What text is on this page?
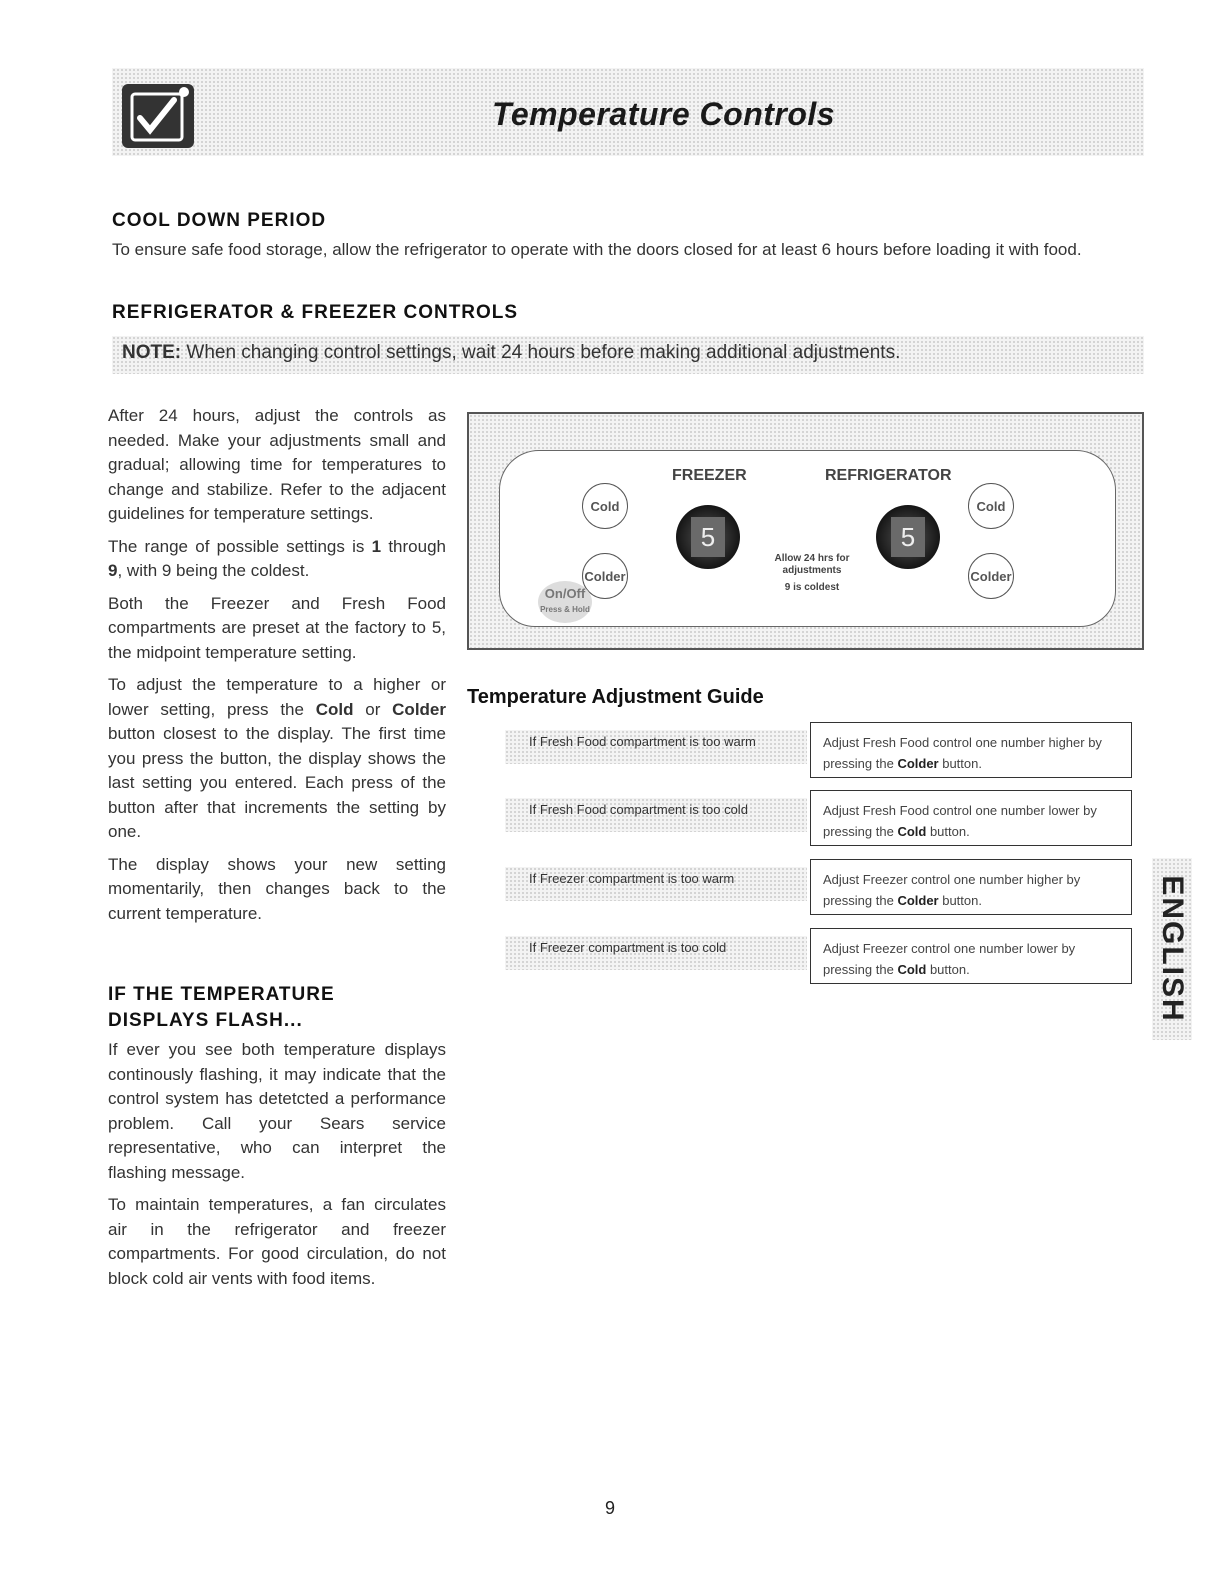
Temperature Controls
COOL DOWN PERIOD

To ensure safe food storage, allow the refrigerator to operate with the doors closed for at least 6 hours before loading it with food.

REFRIGERATOR & FREEZER CONTROLS
NOTE: When changing control settings, wait 24 hours before making additional adjustments.

After 24 hours, adjust the controls as needed. Make your adjustments small and gradual; allowing time for temperatures to change and stabilize. Refer to the adjacent guidelines for temperature settings.

The range of possible settings is 1 through 9, with 9 being the coldest.

Both the Freezer and Fresh Food compartments are preset at the factory to 5, the midpoint temperature setting.

To adjust the temperature to a higher or lower setting, press the Cold or Colder button closest to the display. The first time you press the button, the display shows the last setting you entered. Each press of the button after that increments the setting by one.

The display shows your new setting momentarily, then changes back to the current temperature.

IF THE TEMPERATURE
DISPLAYS FLASH...

If ever you see both temperature displays continously flashing, it may indicate that the control system has detetcted a performance problem. Call your Sears service representative, who can interpret the flashing message.

To maintain temperatures, a fan circulates air in the refrigerator and freezer compartments. For good circulation, do not block cold air vents with food items.

FREEZER	REFRIGERATOR
Cold
Colder
On/Off
Press & Hold
5	5
Allow 24 hrs for
adjustments
9 is coldest
Cold
Colder
Temperature Adjustment Guide
If Fresh Food compartment is too warm	Adjust Fresh Food control one number higher by pressing the Colder button.
If Fresh Food compartment is too cold	Adjust Fresh Food control one number lower by pressing the Cold button.
If Freezer compartment is too warm	Adjust Freezer control one number higher by pressing the Colder button.
If Freezer compartment is too cold	Adjust Freezer control one number lower by pressing the Cold button.	ENGLISH
9
